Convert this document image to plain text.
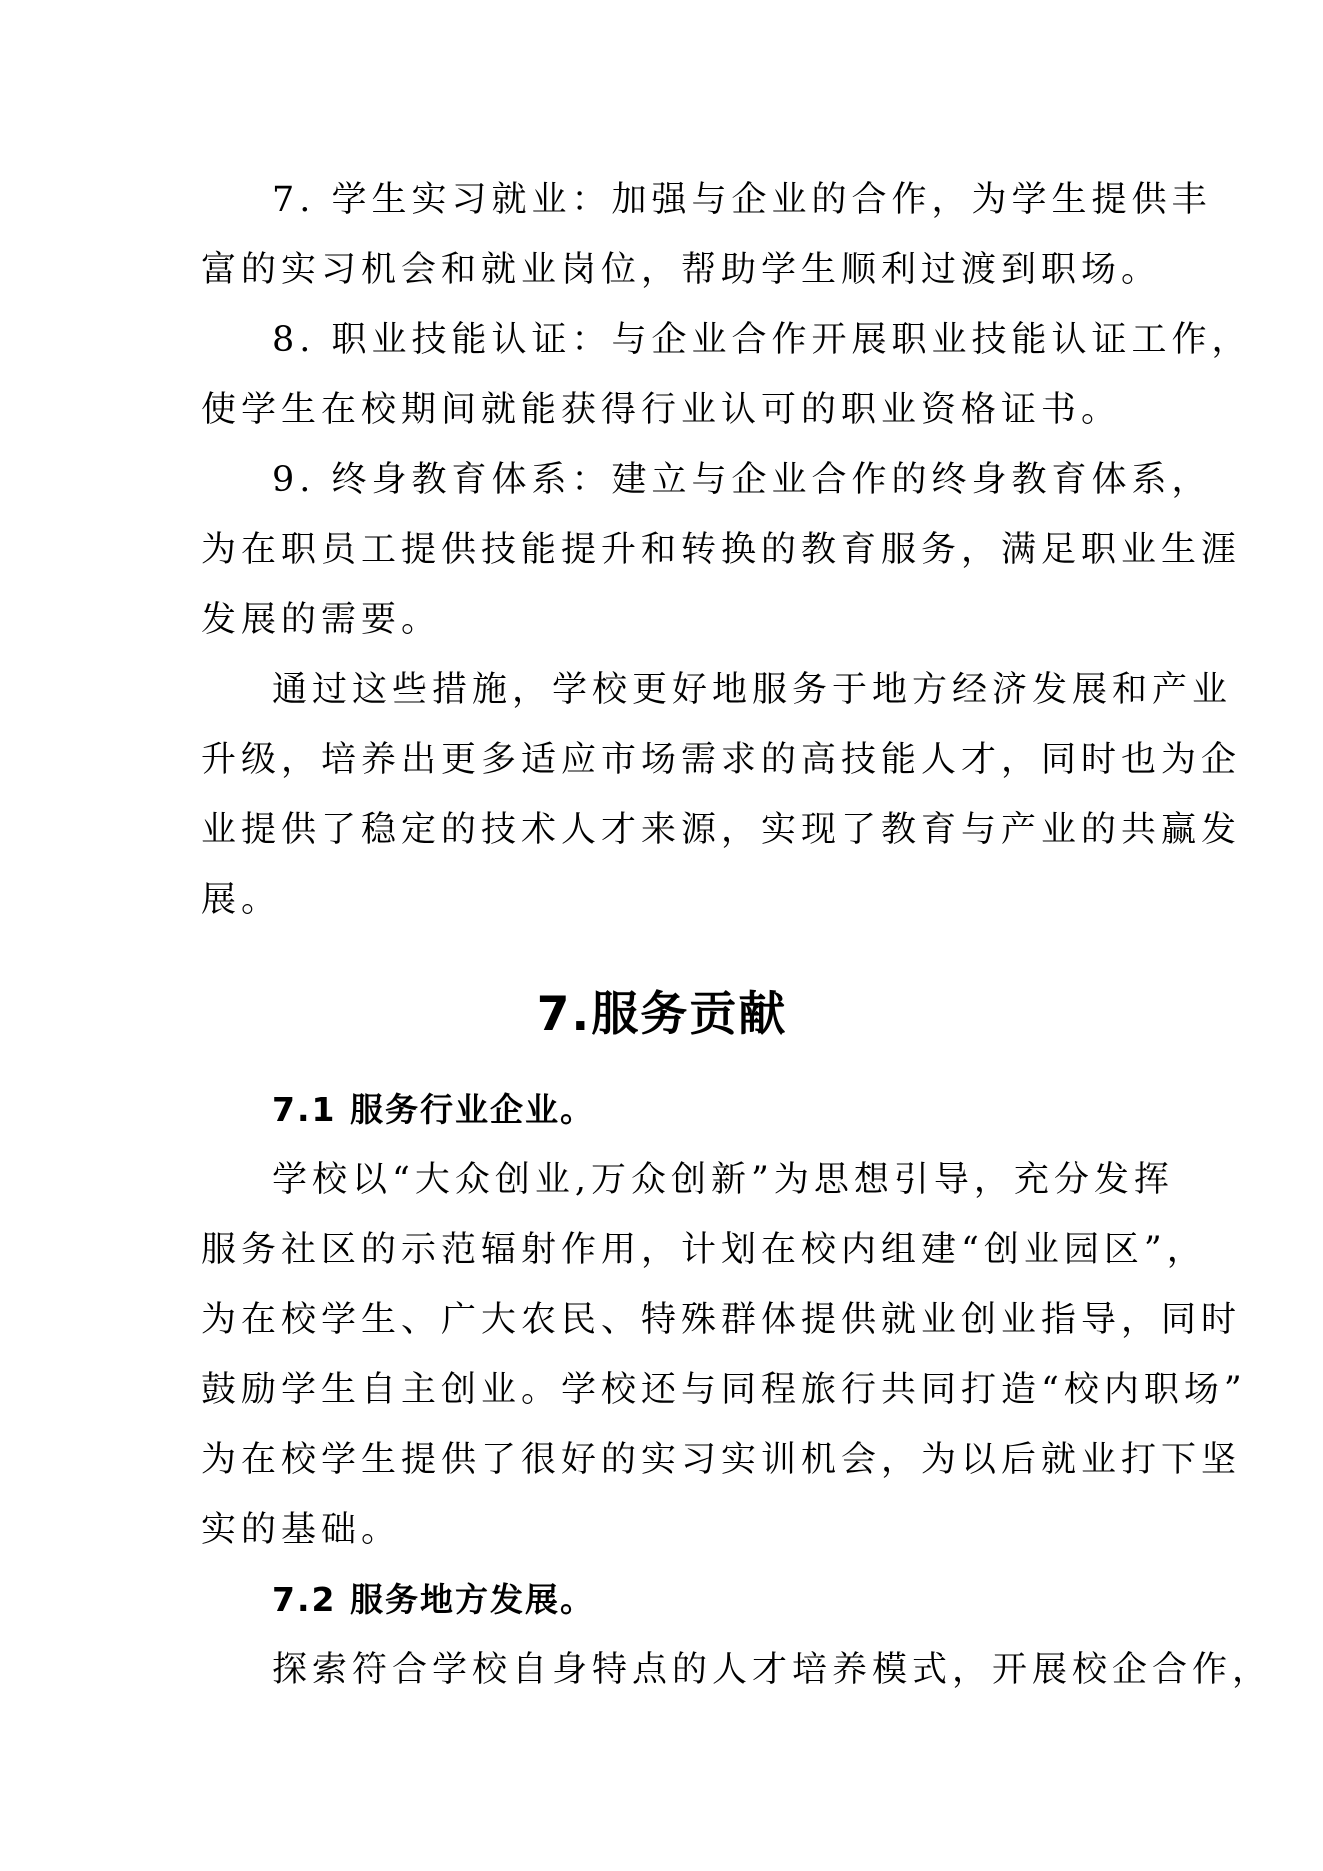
7. 学生实习就业：加强与企业的合作，为学生提供丰
富的实习机会和就业岗位，帮助学生顺利过渡到职场。
8. 职业技能认证：与企业合作开展职业技能认证工作，
使学生在校期间就能获得行业认可的职业资格证书。
9. 终身教育体系：建立与企业合作的终身教育体系，
为在职员工提供技能提升和转换的教育服务，满足职业生涯
发展的需要。
通过这些措施，学校更好地服务于地方经济发展和产业
升级，培养出更多适应市场需求的高技能人才，同时也为企
业提供了稳定的技术人才来源，实现了教育与产业的共赢发
展。
7.服务贡献
7.1 服务行业企业。
学校以“大众创业,万众创新”为思想引导，充分发挥
服务社区的示范辐射作用，计划在校内组建“创业园区”，
为在校学生、广大农民、特殊群体提供就业创业指导，同时
鼓励学生自主创业。学校还与同程旅行共同打造“校内职场”
为在校学生提供了很好的实习实训机会，为以后就业打下坚
实的基础。
7.2 服务地方发展。
探索符合学校自身特点的人才培养模式，开展校企合作，
